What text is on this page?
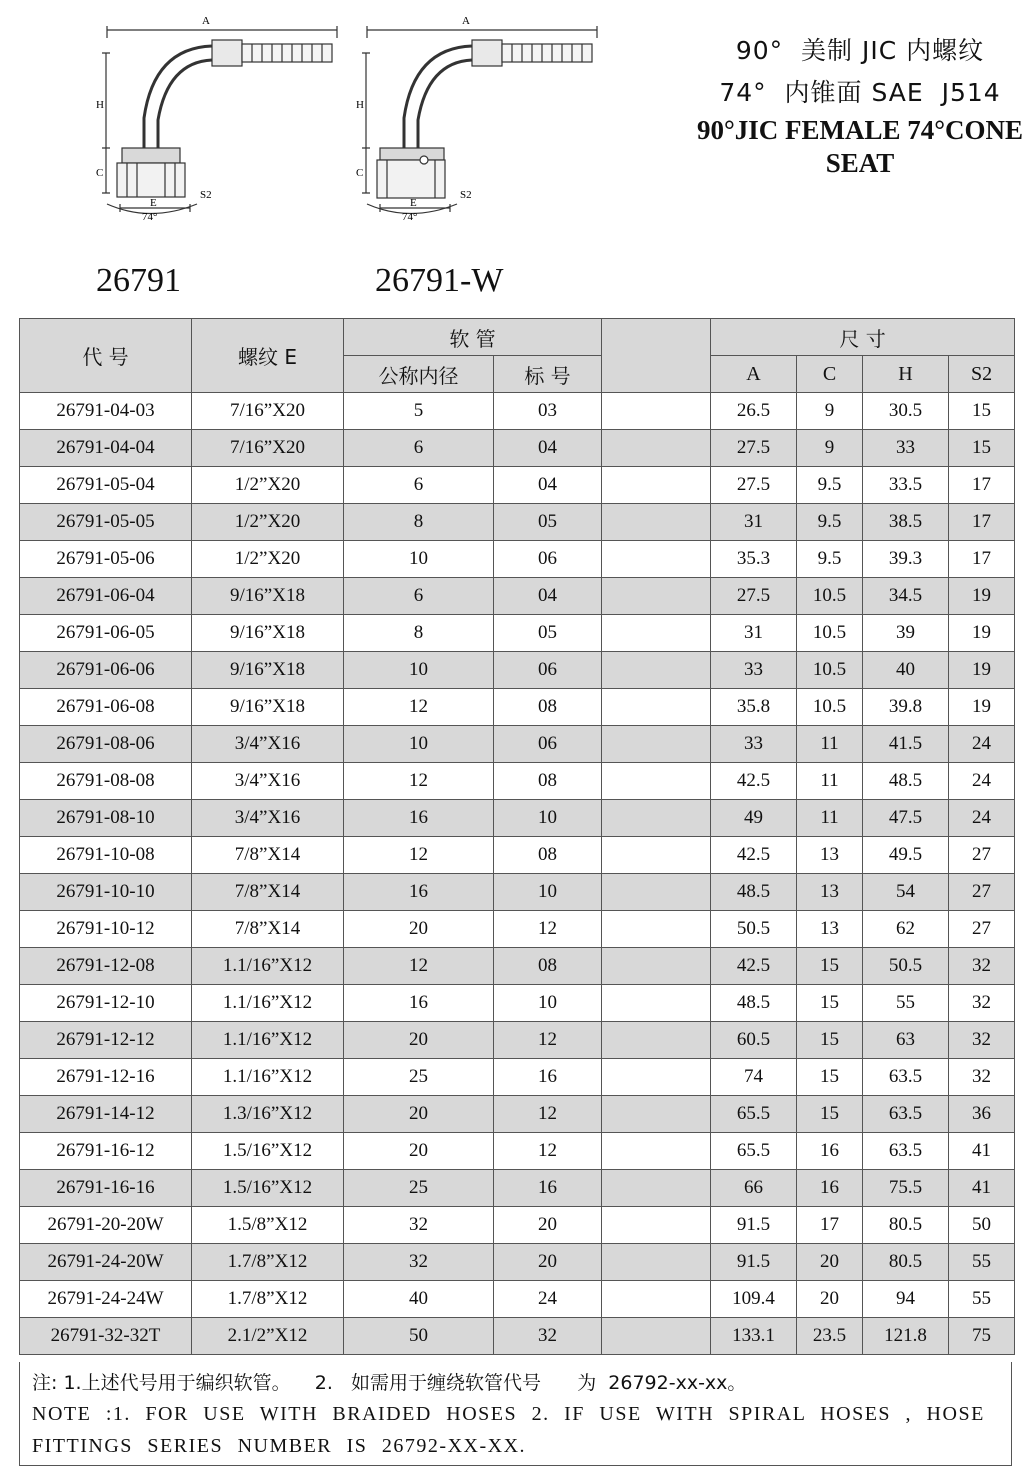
A
H
C
E
S2
74°
A
H
C
E
S2
74°
90°  美制 JIC 内螺纹
74°  内锥面 SAE  J514
90°JIC FEMALE 74°CONE
SEAT
26791	26791-W
代 号	螺纹 E	软 管			尺 寸			
		公称内径	标 号		A	C	H	S2
26791-04-03	7/16”X20	5	03		26.5	9	30.5	15
26791-04-04	7/16”X20	6	04		27.5	9	33	15
26791-05-04	1/2”X20	6	04		27.5	9.5	33.5	17
26791-05-05	1/2”X20	8	05		31	9.5	38.5	17
26791-05-06	1/2”X20	10	06		35.3	9.5	39.3	17
26791-06-04	9/16”X18	6	04		27.5	10.5	34.5	19
26791-06-05	9/16”X18	8	05		31	10.5	39	19
26791-06-06	9/16”X18	10	06		33	10.5	40	19
26791-06-08	9/16”X18	12	08		35.8	10.5	39.8	19
26791-08-06	3/4”X16	10	06		33	11	41.5	24
26791-08-08	3/4”X16	12	08		42.5	11	48.5	24
26791-08-10	3/4”X16	16	10		49	11	47.5	24
26791-10-08	7/8”X14	12	08		42.5	13	49.5	27
26791-10-10	7/8”X14	16	10		48.5	13	54	27
26791-10-12	7/8”X14	20	12		50.5	13	62	27
26791-12-08	1.1/16”X12	12	08		42.5	15	50.5	32
26791-12-10	1.1/16”X12	16	10		48.5	15	55	32
26791-12-12	1.1/16”X12	20	12		60.5	15	63	32
26791-12-16	1.1/16”X12	25	16		74	15	63.5	32
26791-14-12	1.3/16”X12	20	12		65.5	15	63.5	36
26791-16-12	1.5/16”X12	20	12		65.5	16	63.5	41
26791-16-16	1.5/16”X12	25	16		66	16	75.5	41
26791-20-20W	1.5/8”X12	32	20		91.5	17	80.5	50
26791-24-20W	1.7/8”X12	32	20		91.5	20	80.5	55
26791-24-24W	1.7/8”X12	40	24		109.4	20	94	55
26791-32-32T	2.1/2”X12	50	32		133.1	23.5	121.8	75
注: 1.上述代号用于编织软管。    2.   如需用于缠绕软管代号      为  26792-xx-xx。
NOTE :1. FOR USE WITH BRAIDED HOSES 2. IF USE WITH SPIRAL HOSES , HOSE FITTINGS SERIES NUMBER IS 26792-XX-XX.
